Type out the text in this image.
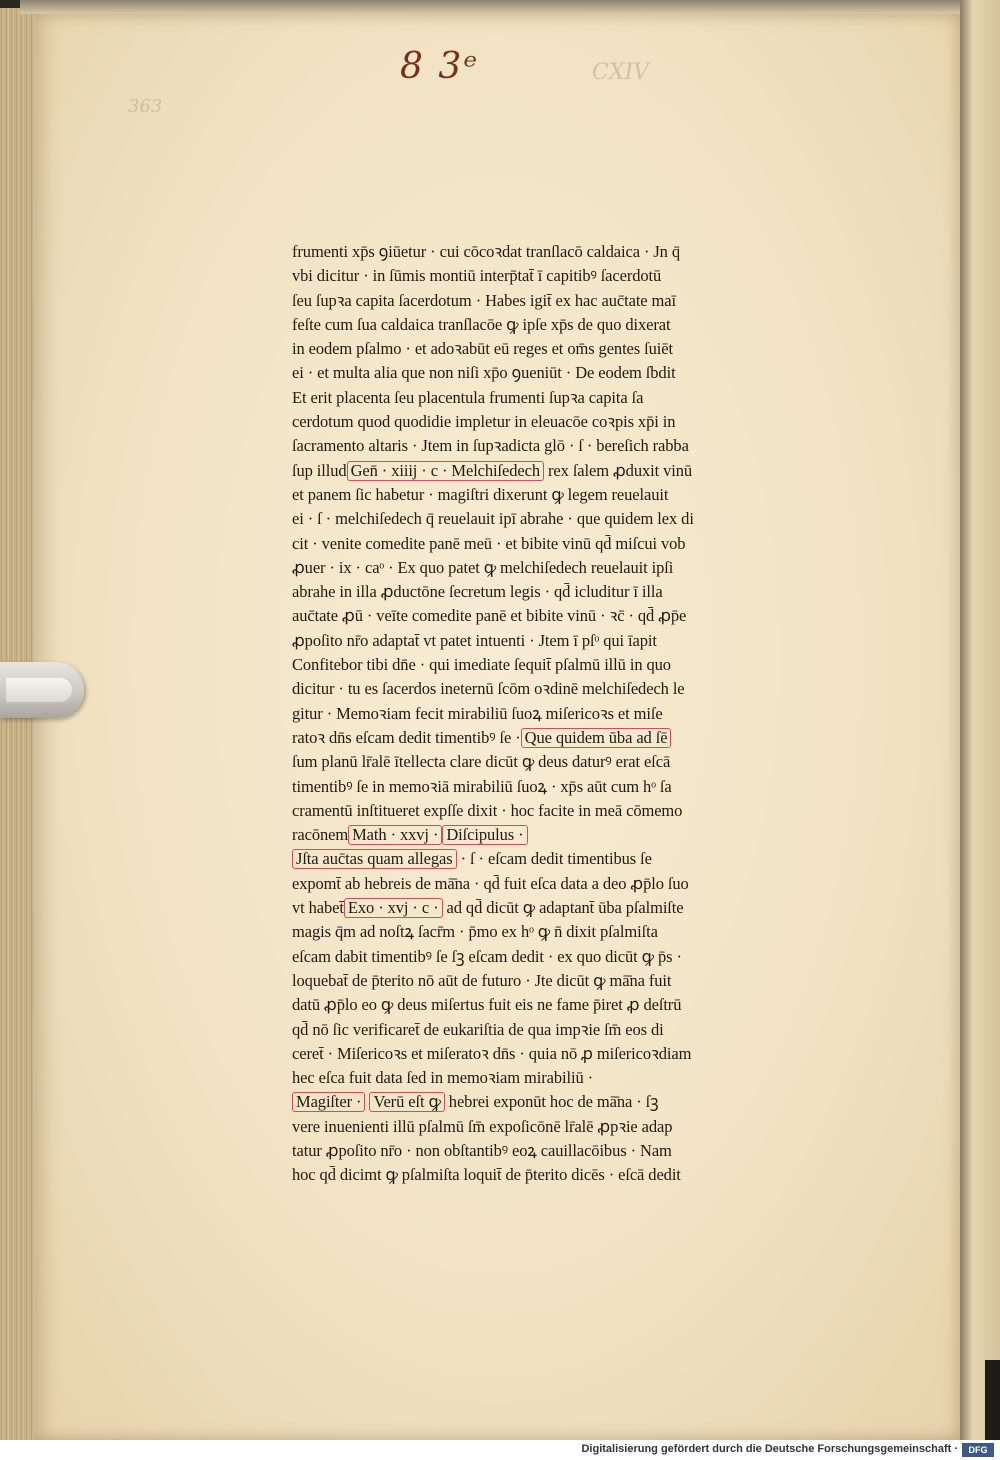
8 3ᵉ
363
CXIV
frumenti xp̄s ꝯiūetur · cui cōcoꝛdat tranſlacō caldaica · Jn q̄
vbi dicitur · in ſūmis montiū interp̄tat̄ ī capitibꝰ ſacerdotū
ſeu ſupꝛa capita ſacerdotum · Habes igit̄ ex hac auc̄tate maī
feſte cum ſua caldaica tranſlacōe ꝙ ipſe xp̄s de quo dixerat
in eodem pſalmo · et adoꝛabūt eū reges et om̄s gentes ſuiēt
ei · et multa alia que non niſi xp̄o ꝯueniūt · De eodem ſbdit
Et erit placenta ſeu placentula frumenti ſupꝛa capita ſa
cerdotum quod quodidie impletur in eleuacōe coꝛpis xp̄i in
ſacramento altaris · Jtem in ſupꝛadicta glō · ſ · bereſich rabba
ſup illud Gen̄ · xiiij · c · Melchiſedech rex ſalem ꝓduxit vinū
et panem ſic habetur · magiſtri dixerunt ꝙ legem reuelauit
ei · ſ · melchiſedech q̄ reuelauit ipī abrahe · que quidem lex di
cit · venite comedite panē meū · et bibite vinū qd̄ miſcui vob
ꝓuer · ix · caᵒ · Ex quo patet ꝙ melchiſedech reuelauit ipſi
abrahe in illa ꝓductōne ſecretum legis · qd̄ icluditur ī illa
auc̄tate ꝓū · veīte comedite panē et bibite vinū · ꝛc̄ · qd̄ ꝓp̄e
ꝓpoſito nr̄o adaptat̄ vt patet intuenti · Jtem ī pſᵒ qui īapit
Confitebor tibi dn̄e · qui imediate ſequit̄ pſalmū illū in quo
dicitur · tu es ſacerdos ineternū ſcōm oꝛdinē melchiſedech le
gitur · Memoꝛiam fecit mirabiliū ſuoꝝ miſericoꝛs et miſe
ratoꝛ dn̄s eſcam dedit timentibꝰ ſe · Que quidem ūba ad ſē
ſum planū lr̄alē ītellecta clare dicūt ꝙ deus daturꝰ erat eſcā
timentibꝰ ſe in memoꝛiā mirabiliū ſuoꝝ · xp̄s aūt cum hᵒ ſa
cramentū inſtitueret expſſe dixit · hoc facite in meā cōmemo
racōnem Math · xxvj · Diſcipulus ·
Jſta auc̄tas quam allegas · ſ · eſcam dedit timentibus ſe
expomt̄ ab hebreis de mā̄na · qd̄ fuit eſca data a deo ꝓp̄lo ſuo
vt habet̄ Exo · xvj · c · ad qd̄ dicūt ꝙ adaptant̄ ūba pſalmiſte
magis q̄m ad noſtꝝ ſacr̄m · p̄mo ex hᵒ ꝙ n̄ dixit pſalmiſta
eſcam dabit timentibꝰ ſe ſꝫ eſcam dedit · ex quo dicūt ꝙ p̄s ·
loquebat̄ de p̄terito nō aūt de futuro · Jte dicūt ꝙ mā̄na fuit
datū ꝓp̄lo eo ꝙ deus miſertus fuit eis ne fame p̄iret ꝓ deſtrū
qd̄ nō ſic verificaret̄ de eukariſtia de qua impꝛie ſm̄ eos di
ceret̄ · Miſericoꝛs et miſeratoꝛ dn̄s · quia nō ꝓ miſericoꝛdiam
hec eſca fuit data ſed in memoꝛiam mirabiliū ·
Magiſter · Verū eſt ꝙ hebrei exponūt hoc de mā̄na · ſꝫ
vere inuenienti illū pſalmū ſm̄ expoſicōnē lr̄alē ꝓpꝛie adap
tatur ꝓpoſito nr̄o · non obſtantibꝰ eoꝝ cauillacōibus · Nam
hoc qd̄ dicimt ꝙ pſalmiſta loquit̄ de p̄terito dicēs · eſcā dedit
Digitalisierung gefördert durch die Deutsche Forschungsgemeinschaft ·	DFG
